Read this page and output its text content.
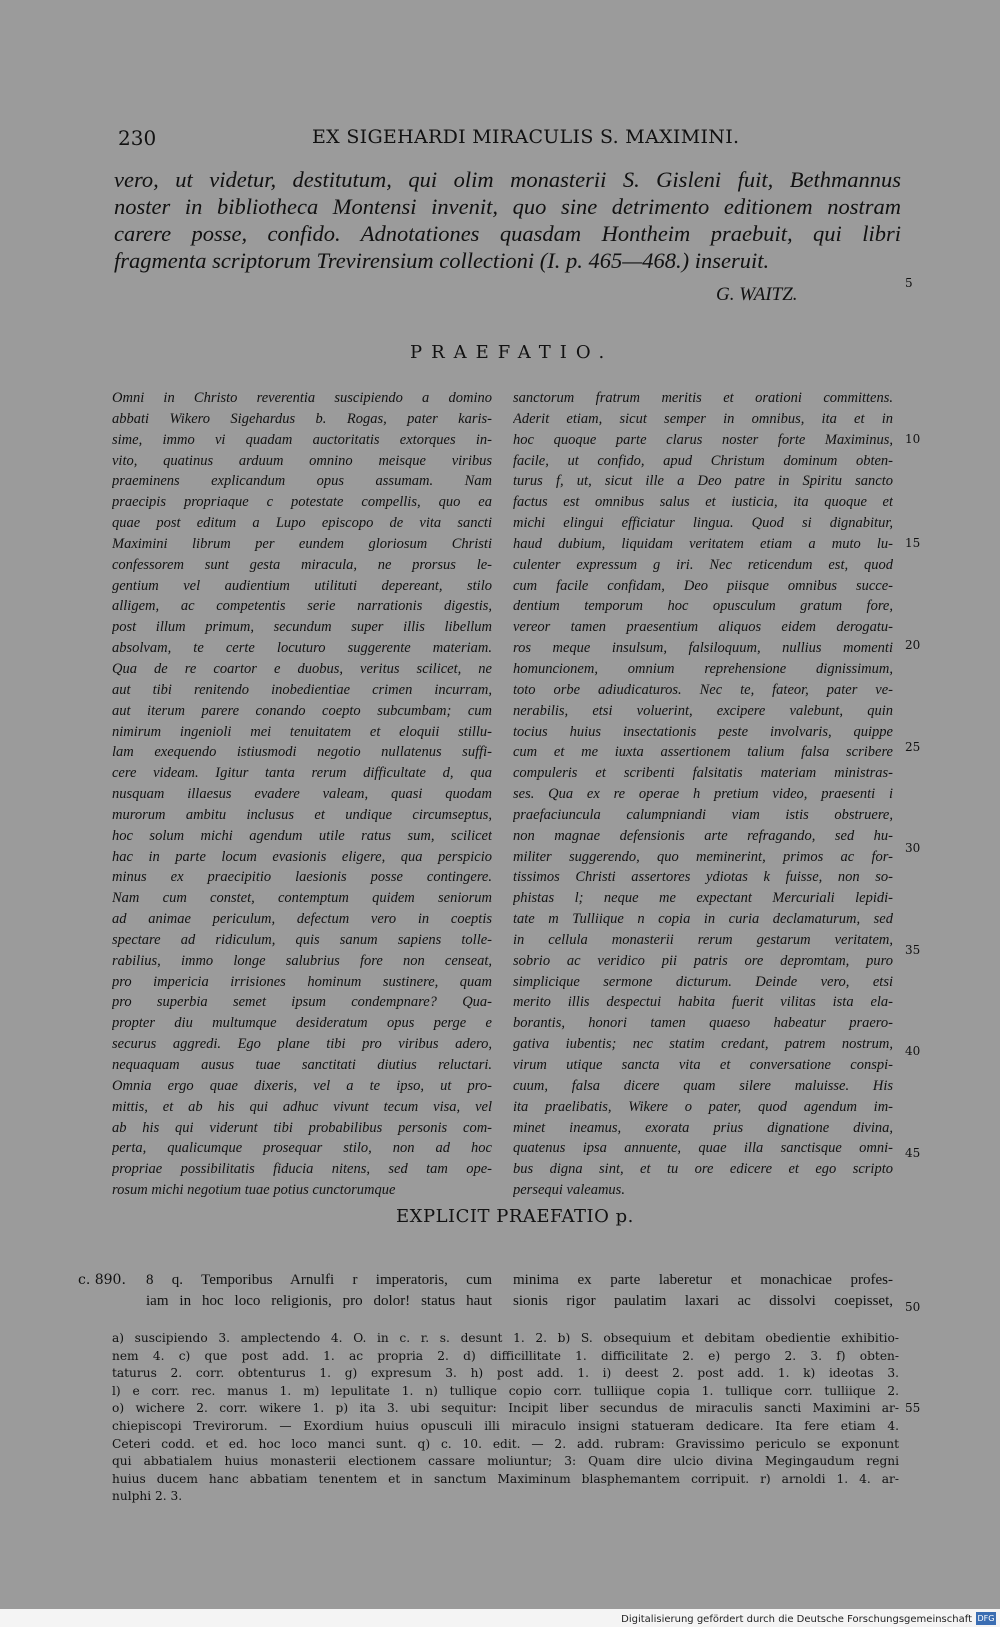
230	EX SIGEHARDI MIRACULIS S. MAXIMINI.

vero, ut videtur, destitutum, qui olim monasterii S. Gisleni fuit, Bethmannus

noster in bibliotheca Montensi invenit, quo sine detrimento editionem nostram

carere posse, confido. Adnotationes quasdam Hontheim praebuit, qui libri

fragmenta scriptorum Trevirensium collectioni (I. p. 465—468.) inseruit.

G. WAITZ.
PRAEFATIO.
Omni in Christo reverentia suscipiendo a domino
abbati Wikero Sigehardus b. Rogas, pater karis-
sime, immo vi quadam auctoritatis extorques in-
vito, quatinus arduum omnino meisque viribus
praeminens explicandum opus assumam. Nam
praecipis propriaque c potestate compellis, quo ea
quae post editum a Lupo episcopo de vita sancti
Maximini librum per eundem gloriosum Christi
confessorem sunt gesta miracula, ne prorsus le-
gentium vel audientium utilituti depereant, stilo
alligem, ac competentis serie narrationis digestis,
post illum primum, secundum super illis libellum
absolvam, te certe locuturo suggerente materiam.
Qua de re coartor e duobus, veritus scilicet, ne
aut tibi renitendo inobedientiae crimen incurram,
aut iterum parere conando coepto subcumbam; cum
nimirum ingenioli mei tenuitatem et eloquii stillu-
lam exequendo istiusmodi negotio nullatenus suffi-
cere videam. Igitur tanta rerum difficultate d, qua
nusquam illaesus evadere valeam, quasi quodam
murorum ambitu inclusus et undique circumseptus,
hoc solum michi agendum utile ratus sum, scilicet
hac in parte locum evasionis eligere, qua perspicio
minus ex praecipitio laesionis posse contingere.
Nam cum constet, contemptum quidem seniorum
ad animae periculum, defectum vero in coeptis
spectare ad ridiculum, quis sanum sapiens tolle-
rabilius, immo longe salubrius fore non censeat,
pro impericia irrisiones hominum sustinere, quam
pro superbia semet ipsum condempnare? Qua-
propter diu multumque desideratum opus perge e
securus aggredi. Ego plane tibi pro viribus adero,
nequaquam ausus tuae sanctitati diutius reluctari.
Omnia ergo quae dixeris, vel a te ipso, ut pro-
mittis, et ab his qui adhuc vivunt tecum visa, vel
ab his qui viderunt tibi probabilibus personis com-
perta, qualicumque prosequar stilo, non ad hoc
propriae possibilitatis fiducia nitens, sed tam ope-
rosum michi negotium tuae potius cunctorumque
sanctorum fratrum meritis et orationi committens.
Aderit etiam, sicut semper in omnibus, ita et in
hoc quoque parte clarus noster forte Maximinus,
facile, ut confido, apud Christum dominum obten-
turus f, ut, sicut ille a Deo patre in Spiritu sancto
factus est omnibus salus et iusticia, ita quoque et
michi elingui efficiatur lingua. Quod si dignabitur,
haud dubium, liquidam veritatem etiam a muto lu-
culenter expressum g iri. Nec reticendum est, quod
cum facile confidam, Deo piisque omnibus succe-
dentium temporum hoc opusculum gratum fore,
vereor tamen praesentium aliquos eidem derogatu-
ros meque insulsum, falsiloquum, nullius momenti
homuncionem, omnium reprehensione dignissimum,
toto orbe adiudicaturos. Nec te, fateor, pater ve-
nerabilis, etsi voluerint, excipere valebunt, quin
tocius huius insectationis peste involvaris, quippe
cum et me iuxta assertionem talium falsa scribere
compuleris et scribenti falsitatis materiam ministras-
ses. Qua ex re operae h pretium video, praesenti i
praefaciuncula calumpniandi viam istis obstruere,
non magnae defensionis arte refragando, sed hu-
militer suggerendo, quo meminerint, primos ac for-
tissimos Christi assertores ydiotas k fuisse, non so-
phistas l; neque me expectant Mercuriali lepidi-
tate m Tulliique n copia in curia declamaturum, sed
in cellula monasterii rerum gestarum veritatem,
sobrio ac veridico pii patris ore depromtam, puro
simplicique sermone dicturum. Deinde vero, etsi
merito illis despectui habita fuerit vilitas ista ela-
borantis, honori tamen quaeso habeatur praero-
gativa iubentis; nec statim credant, patrem nostrum,
virum utique sancta vita et conversatione conspi-
cuum, falsa dicere quam silere maluisse. His
ita praelibatis, Wikere o pater, quod agendum im-
minet ineamus, exorata prius dignatione divina,
quatenus ipsa annuente, quae illa sanctisque omni-
bus digna sint, et tu ore edicere et ego scripto
persequi valeamus.
5
10
15
20
25
30
35
40
45
50
55
EXPLICIT PRAEFATIO p.
c. 890. 8 q. Temporibus Arnulfi r imperatoris, cum
iam in hoc loco religionis, pro dolor! status haut
minima ex parte laberetur et monachicae profes-
sionis rigor paulatim laxari ac dissolvi coepisset,
a) suscipiendo 3. amplectendo 4. O. in c. r. s. desunt 1. 2. b) S. obsequium et debitam obedientie exhibitio-
nem 4. c) que post add. 1. ac propria 2. d) difficillitate 1. difficilitate 2. e) pergo 2. 3. f) obten-
taturus 2. corr. obtenturus 1. g) expresum 3. h) post add. 1. i) deest 2. post add. 1. k) ideotas 3.
l) e corr. rec. manus 1. m) lepulitate 1. n) tullique copio corr. tulliique copia 1. tullique corr. tulliique 2.
o) wichere 2. corr. wikere 1. p) ita 3. ubi sequitur: Incipit liber secundus de miraculis sancti Maximini ar-
chiepiscopi Trevirorum. — Exordium huius opusculi illi miraculo insigni statueram dedicare. Ita fere etiam 4.
Ceteri codd. et ed. hoc loco manci sunt. q) c. 10. edit. — 2. add. rubram: Gravissimo periculo se exponunt
qui abbatialem huius monasterii electionem cassare moliuntur; 3: Quam dire ulcio divina Megingaudum regni
huius ducem hanc abbatiam tenentem et in sanctum Maximinum blasphemantem corripuit. r) arnoldi 1. 4. ar-
nulphi 2. 3.
Digitalisierung gefördert durch die Deutsche Forschungsgemeinschaft DFG
